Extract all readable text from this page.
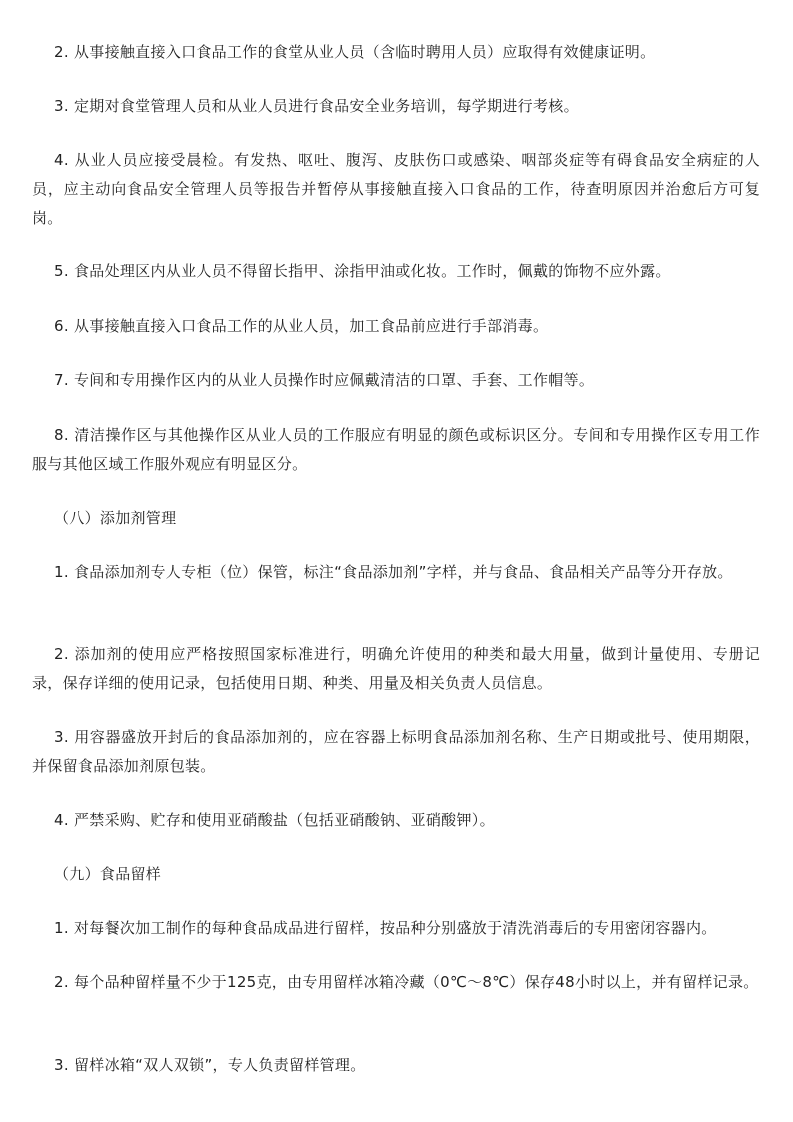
2. 从事接触直接入口食品工作的食堂从业人员（含临时聘用人员）应取得有效健康证明。

3. 定期对食堂管理人员和从业人员进行食品安全业务培训，每学期进行考核。

4. 从业人员应接受晨检。有发热、呕吐、腹泻、皮肤伤口或感染、咽部炎症等有碍食品安全病症的人员，应主动向食品安全管理人员等报告并暂停从事接触直接入口食品的工作，待查明原因并治愈后方可复岗。

5. 食品处理区内从业人员不得留长指甲、涂指甲油或化妆。工作时，佩戴的饰物不应外露。

6. 从事接触直接入口食品工作的从业人员，加工食品前应进行手部消毒。

7. 专间和专用操作区内的从业人员操作时应佩戴清洁的口罩、手套、工作帽等。

8. 清洁操作区与其他操作区从业人员的工作服应有明显的颜色或标识区分。专间和专用操作区专用工作服与其他区域工作服外观应有明显区分。

（八）添加剂管理

1. 食品添加剂专人专柜（位）保管，标注“食品添加剂”字样，并与食品、食品相关产品等分开存放。

2. 添加剂的使用应严格按照国家标准进行，明确允许使用的种类和最大用量，做到计量使用、专册记录，保存详细的使用记录，包括使用日期、种类、用量及相关负责人员信息。

3. 用容器盛放开封后的食品添加剂的，应在容器上标明食品添加剂名称、生产日期或批号、使用期限，并保留食品添加剂原包装。

4. 严禁采购、贮存和使用亚硝酸盐（包括亚硝酸钠、亚硝酸钾）。

（九）食品留样

1. 对每餐次加工制作的每种食品成品进行留样，按品种分别盛放于清洗消毒后的专用密闭容器内。

2. 每个品种留样量不少于125克，由专用留样冰箱冷藏（0℃～8℃）保存48小时以上，并有留样记录。

3. 留样冰箱“双人双锁”，专人负责留样管理。
